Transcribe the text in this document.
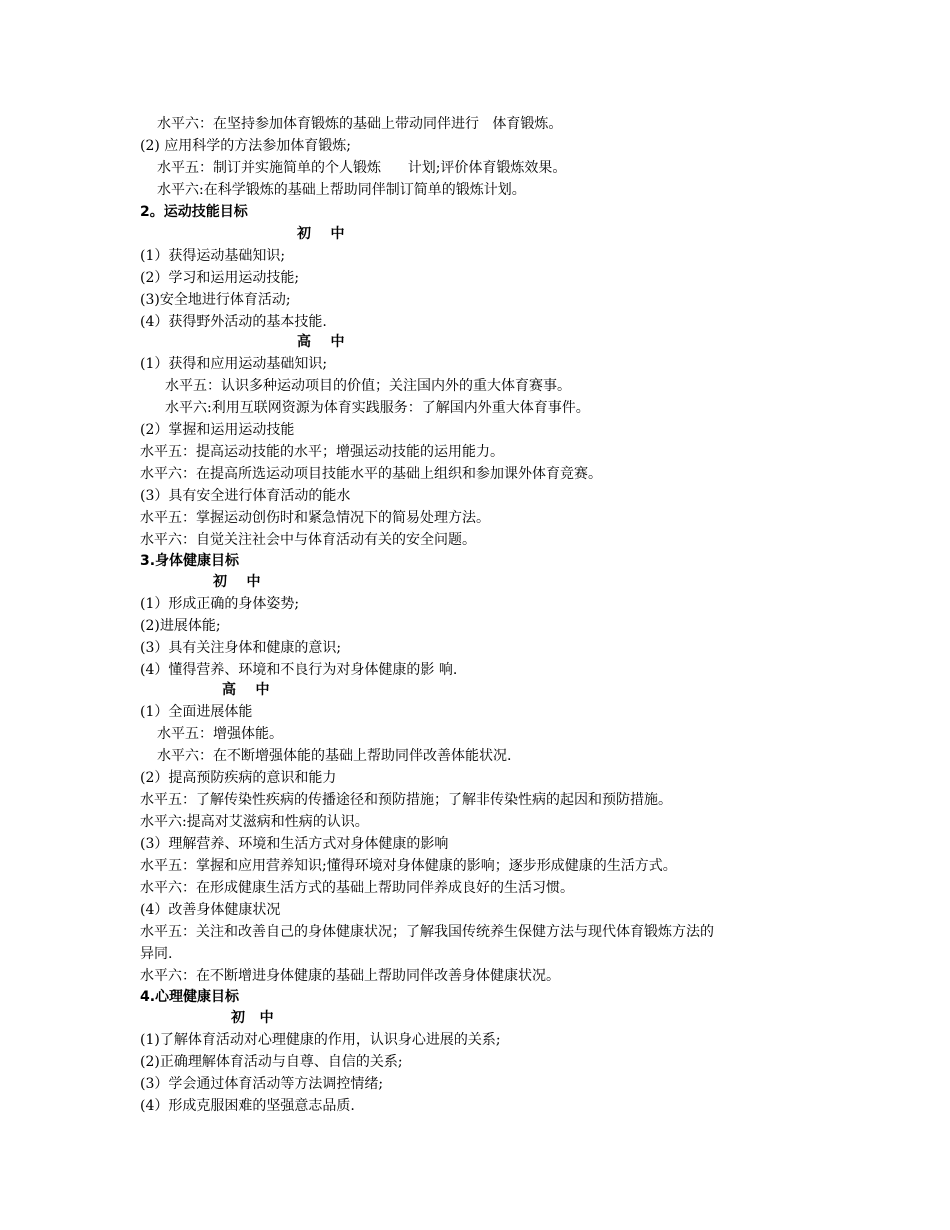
水平六：在坚持参加体育锻炼的基础上带动同伴进行   体育锻炼。
(2) 应用科学的方法参加体育锻炼;
水平五：制订并实施简单的个人锻炼      计划;评价体育锻炼效果。
水平六:在科学锻炼的基础上帮助同伴制订简单的锻炼计划。
2。运动技能目标
初    中
(1）获得运动基础知识;
(2）学习和运用运动技能;
(3)安全地进行体育活动;
(4）获得野外活动的基本技能.
高    中
(1）获得和应用运动基础知识;
水平五：认识多种运动项目的价值；关注国内外的重大体育赛事。
水平六:利用互联网资源为体育实践服务：了解国内外重大体育事件。
(2）掌握和运用运动技能
水平五：提高运动技能的水平；增强运动技能的运用能力。
水平六：在提高所选运动项目技能水平的基础上组织和参加课外体育竞赛。
(3）具有安全进行体育活动的能水
水平五：掌握运动创伤时和紧急情况下的简易处理方法。
水平六：自觉关注社会中与体育活动有关的安全问题。
3.身体健康目标
初    中
(1）形成正确的身体姿势;
(2)进展体能;
(3）具有关注身体和健康的意识;
(4）懂得营养、环境和不良行为对身体健康的影 响.
高    中
(1）全面进展体能
水平五：增强体能。
水平六：在不断增强体能的基础上帮助同伴改善体能状况.
(2）提高预防疾病的意识和能力
水平五：了解传染性疾病的传播途径和预防措施；了解非传染性病的起因和预防措施。
水平六:提高对艾滋病和性病的认识。
(3）理解营养、环境和生活方式对身体健康的影响
水平五：掌握和应用营养知识;懂得环境对身体健康的影响；逐步形成健康的生活方式。
水平六：在形成健康生活方式的基础上帮助同伴养成良好的生活习惯。
(4）改善身体健康状况
水平五：关注和改善自己的身体健康状况；了解我国传统养生保健方法与现代体育锻炼方法的
异同.
水平六：在不断增进身体健康的基础上帮助同伴改善身体健康状况。
4.心理健康目标
初   中
(1)了解体育活动对心理健康的作用，认识身心进展的关系;
(2)正确理解体育活动与自尊、自信的关系;
(3）学会通过体育活动等方法调控情绪;
(4）形成克服困难的坚强意志品质.
